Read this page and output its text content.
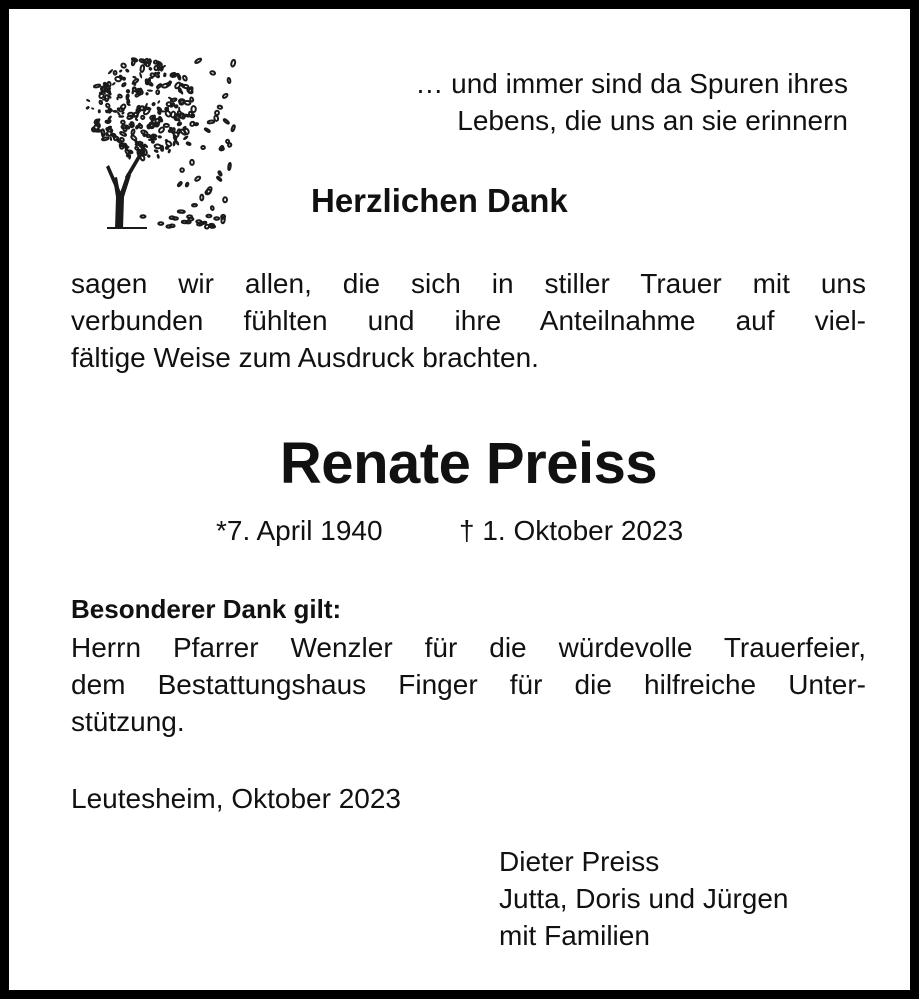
… und immer sind da Spuren ihres
Lebens, die uns an sie erinnern

Herzlichen Dank

sagen wir allen, die sich in stiller Trauer mit uns
verbunden fühlten und ihre Anteilnahme auf viel-
fältige Weise zum Ausdruck brachten.

Renate Preiss

*7. April 1940	† 1. Oktober 2023

Besonderer Dank gilt:

Herrn Pfarrer Wenzler für die würdevolle Trauerfeier,
dem Bestattungshaus Finger für die hilfreiche Unter-
stützung.

Leutesheim, Oktober 2023

Dieter Preiss
Jutta, Doris und Jürgen
mit Familien
